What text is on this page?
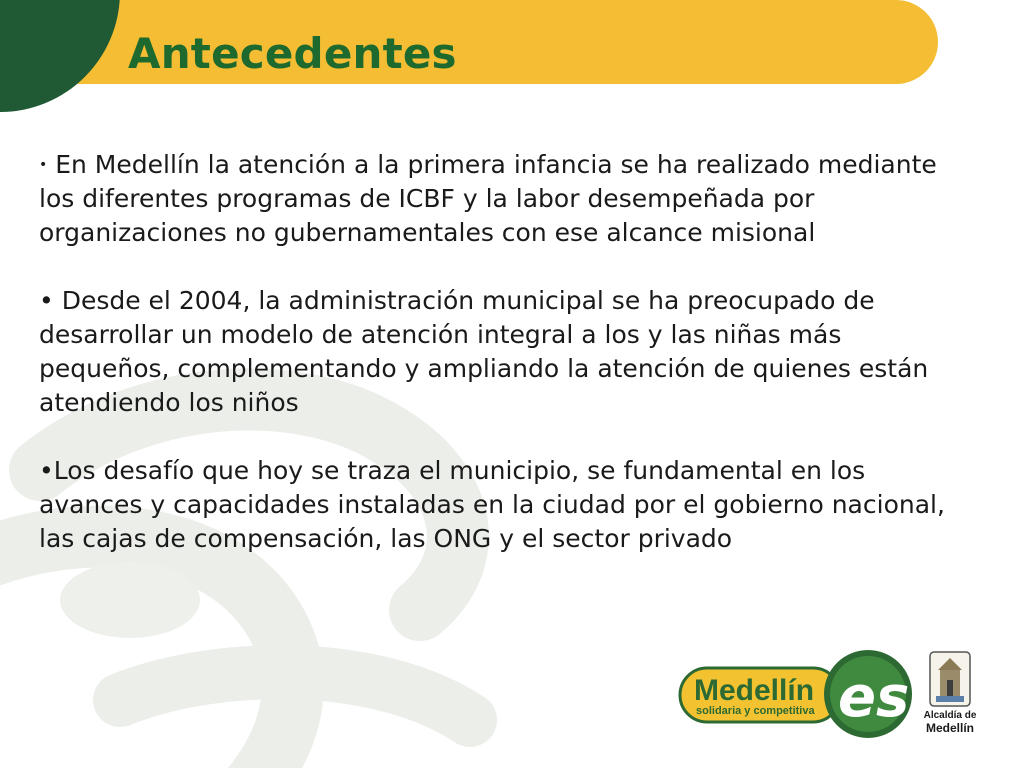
Antecedentes

• En Medellín la atención a la primera infancia se ha realizado mediante los diferentes programas de ICBF y la labor desempeñada por organizaciones no gubernamentales con ese alcance misional

• Desde el 2004, la administración municipal se ha preocupado de desarrollar un modelo de atención integral a los y las niñas más pequeños, complementando y ampliando la atención de quienes están atendiendo los niños

•Los desafío que hoy se traza el municipio, se fundamental en los avances y capacidades instaladas en la ciudad por el gobierno nacional, las cajas de compensación, las ONG y el sector privado

Medellín
solidaria y competitiva es	Alcaldía de
Medellín
